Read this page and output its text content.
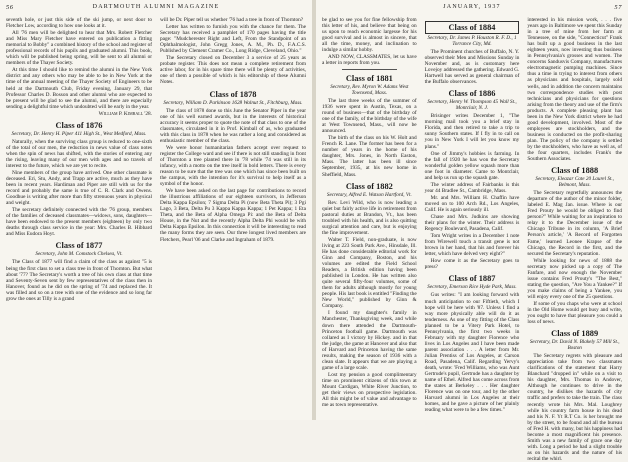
56	DARTMOUTH ALUMNI MAGAZINE

seventh hole, or just this side of the ski jump, or next door to Fletcher Low, according to how one looks at it.

All '76 men will be delighted to hear that Mrs. Robert Fletcher and Miss Mary Fletcher have entered on publication a fitting memorial to Bobby" a combined history of the school and register of professional records of his pupils and graduated alumni. This book, which will be published being spring, will be sent to all alumni or members of the Thayer Society.

At this time I should like to remind the alumni in the New York district and any others who may be able to be in New York at the time of the annual meeting of the Thayer Society of Engineers to be held at the Dartmouth Club, Friday evening, January 29, that Professor Charles D. Bosson and other alumni who are expected to be present will be glad to see the alumni, and there are especially sending a delightful time which undoubted will be early in the year.

William P. Kimball '28.
Class of 1876
Secretary, Dr. Henry H. Piper 411 High St., West Medford, Mass.

Naturally, when the surviving class group is reduced to one-sixth of the total of our men, the reduction in news value of class notes when the spin of news has shifted, with the stories of entering any the rising, leaving many of our men with ages and no travels of interest to the future, which we are yet to recite.

Nine members of the group have arrived. One other classmate is deceased. Eri, Stu, Andy, and Trapp are active, much as they have been in recent years. Hardiman and Piper are still with us for the record and probably the same is true of C. R. Clark and Owens. Goodhue is writing after more than fifty strenuous years in physical and weight.

The secretary definitely connected with the '76 group, members of the families of deceased classmates—widows, sons, daughters—have been endowed to the present members (eighteen) by only two deaths through class service in the year: Mrs. Charles B. Hibbard and Miss Eudora Hoyt.

Class of 1877
Secretary, John M. Comstock Chelsea, Vt.

The Class of 1877 will find a claim of the class as against "5 is being the first class to set a class tree in front of Thornton. But what about '77? The Secretary's worth a tree of his own class at that time and Seventy-Seven sent by few representatives of the class then in Hanover, found as he did on the spring of '74 and replaced the. It was filled and so on a tree with one of the evidence and so long far grow the ones at Tilly is a grand

will be Dr. Piper tell us whether '76 had a tree in front of Thornton?

Letter has written to furnish you with the chance for them. The Secretary has received a pamphlet of 170 pages having the title page: "Mudcherester Right and Left, From the Standpoint of an Ophthalmologist, John Gregg Jones, A. M., Ph. D., F.A.C.S. Published by Clement Cramer Co., Long Ridge, Cleveland, Ohio."

The Secretary closed on December 3 a service of 25 years as probate register. This does not mean a complete retirement from active labor, for in his spare time there will be plenty of activities, one of them a possible of which is his editorship of these Alumni Notes.

Class of 1878
Secretary, William D. Parkinson 1628 Walnut St., Fitchburg, Mass.

The class of 1878 done so this June the Senator Piper in the year one of his well earned awards, but in the interests of historical accuracy it seems proper to quote the note of that class to one of the classmates, circulated in it in Prof. Kimball of as, who graduated with this class in 1878 when he was rather a long and considered as enthusiastic member of the class.

We were honor humanitarian fathers accept over request to register the College ward and see if there is not still standing in front of Thornton a tree planted there in '78 while '74 was still in its infancy, with a motto on the tree itself in bold letters. There is every reason to be sure that the tree was one which has since been built on the campus, with the intention for it's survival to help itself as a symbol of the honor.

We have been asked on the last page for contributions to record the illustrious affiliations of our eighteen survivors, in Jefferson Delta Kappa Epsilon; 7 Sigma Delta Pi (now Beta Theta Pi); 3 Pgi Lago, 3 Beta, Delta Pu 3 Kappa Kappa Kappa; 1 Pet Kappa; 1 Eta Theta, and the Beta of Alpha Omega Pi: and the Beta of Delta House, in the Nut and the recently Alpha Delta Phi would be with Delta Kappa Epsilon. In this connection it will be interesting to read the many forms they are seen. Our three longest lived members are Fletchers, Pearl '06 and Clarke and Ingraham of 1879.

JANUARY, 1937	57

be glad to see you for fine fellowship from this letter of his, and believe that being on us upon to reach economic largesse for his good survival and is almost in sincere, that all the time, money, and inclination to indulge a similar hobby.

AND NOW, CLASSMATES, let us have a letter in reports from you.

Class of 1881
Secretary, Rev. Myron W. Adams West Townsend, Mass.

The last three weeks of the summer of 1936 were spent in Austin, Texas, on a round of business—that of the birthday of one of the family, of the birthday of the wife at West Townsend, Mass., will now be announced.

The birth of the class on his W. Holt and French R. Lane. The former has been for a number of years in the home of his daughter, Mrs. Jones, in North Easton, Mass. The latter has been ill since September, 1935, at his new home in Sheffield, Mass.

Class of 1882
Secretary, Alfred E. Watson Hartford, Vt.

Rev. Levi Wild, who is now leading a quiet but fairly active life in retirement from pastoral duties at Brandon, Vt., has been troubled with his health, and is also quitting surgical attention and care, but is enjoying the fine improvement.

Walter T. Field, non-graduate, is now living at 223 South Park Ave., Hinsdale, Ill. He has done considerable editorial work for Ginn and Company, Boston, and his volumes are edited the Field School Readers, a British edition having been published in London. He has written also quite several fifty-four volumes, some of them for adults although mostly for young people. His last book is entitled "Finding the New World," published by Ginn & Company.

I found my daughter's family in Manchester, Thanksgiving week, and while down there attended the Dartmouth-Princeton football game. Dartmouth was collared as I victory by Hickey. and in that the judge, the game at Hanover and also that of Harvard and Princeton having the same results, making the season of 1936 with a clean slate. It appears that we are playing a game of a large scale.

Lost my pension a good complimentary time on prominent citizens of this town at Mount Cardigan, White River Junction, to get their views on prospective legislation. All this might be of value and advantage to me as town representative.

Class of 1884
Secretary, Dr. James P. Houston R. F. D., 1 Torrance City, Md.

The Prominent churches of Buffalo, N. Y. observed their Men and Missions Sunday in November and, as is customary here Lovejoy addressed the gathering. Edward G. Hartwell has served as general chairman of the Buffalo observances.

Class of 1886
Secretary, Henry W. Thompson 45 Wall St., Montclair, N. J.

Brisinger writes December 1, "The morning mail took you a brief stay in Florida, and then retired to take a trip to sunny Southern states. If I fly in to call on you in New York I will let you know my plans."

One of Jimmy's hobbies is farming. In the fall of 1920 he has won the Secretary wonderful golden yellow squash more than one foot in diameter. Came to Montclair, and help us run up the squash gate.

The winter address of Fairbanks is this year 44 Bradlee St., Cambridge, Mass.

Mr. and Mrs. William H. Chaffin have moved on to 100 Arch Rd., Los Angeles, Calif. He is again seriously ill.

Chase and Mrs. Judkins are showing their plans for the winter. Their address is Regency Boulevard, Pasadena, Calif.

Tom Wright writes in a December 1 note from Wirewell touch a transit gene is not brown in her hand, that his and forever his letter, which have delved very eight?"

How come it as the Secretary goes to press?

Class of 1887
Secretary, Emerson Rice Hyde Park, Mass.

Gus writes: "I am looking forward with much anticipation to our Fiftieth, which I hope will be here with '87. Unless I find a way more physically able will do it as tenderness. As one of my fitting of the Class planned to be a Vitery Park Hotel, to Pennsylvania, the first two weeks in February with my daughter Florence who lives in Los Angeles and I have been made parent association . . . A letter from Mr. Julian Prentiss of Los Angeles, at Carson Road, Pasadena, Calif. Regarding Yervy's death, wrote: 'Fred Williams, who was Aunt Gertrude's pupil, Gertrude has a daughter by name of Ethel. Alfred has come across from the states at Berkeley . . . Her daughter Florence was on one tour, and by the other Harvard alumni in Los Angeles at their homes, and he gave a picture of her plainly reading what were to be a few times."

interested in his mission work, . . . five years ago in Baltimore we spent this Sunday in a tree of mine from her farm at Tennessee, on the side, "Connecticut" Frank has built up a good business in the last eighteen years, now investing thus business in Pennsylvania's grosses and women. The concerns Sandusvis Company, manufactures electromagnetic pumping machines. Since thus a time in trying to interest from others as physicians and hospitals, largely sold wells, and in addition the concern maintains two correspondence studies with post technicians and physicians for questions arising from the theory and use of the firm's products. A complete pleasing plant has been in the New York district where he had good development, involved. Most of the employees are stockholders, and the business is conducted on the profit-sharing plan. The policy of the company is settled by the stockholders, who have as well as, of the four quarters, includes Frank's the Southern Associates.

Class of 1888
Secretary, Eleazar Cate 20 Laurel St., Belmont, Mass.

The Secretary regretfully announces the departure of the author of the minor folder, labeled E. Mag Jan. issue. Where is our Fred Prouty he would be obliged to find person?" While waiting for an inspiration to relay it to the December issue of the Chicago Tribune in its column, 'A Brief Person's article,' 'A Record of Forgotten Fame,' learned Leonee Krapse of the Chicago, the Record in the first, and the secured the Secretary's reputation.

While looking for news of 1888 the secretary now picked up a copy of The Fanfare, and now enough the November issue contains Fred Prouty's "The Best," stating the question, "Are You a Yankee?" If you make claims of being a Yankee, you will enjoy every one of the 25 questions.

If some of you chaps who were at school in the Old Home would get busy and write, you ought to have that pleasure you could a loss of news.

Class of 1889
Secretary, Dr. David N. Blakely 57 Mill St., Boston

The Secretary regrets with pleasure and appreciation take from two classmates clarifications of the statement that Harry Blanchard "dropped in" while on a visit to his daughter, Mrs. Thomas in Andover, Although he continues to drive in the country, he dislikes the hazards of city traffic and prefers to take the train. The class recently wrote his Mrs. Mal. Loughrey while his country farm house in his dead and his N. F. Yt R.T Co. is her brought me by the street, to be found and all the bureau of Fred H. with many, but his happiness had become a most magnificent his presence. Smith was a new family of grace one day with. Long a period he had a slight trouble as on his hazards and the nature of his recital the whirl.
